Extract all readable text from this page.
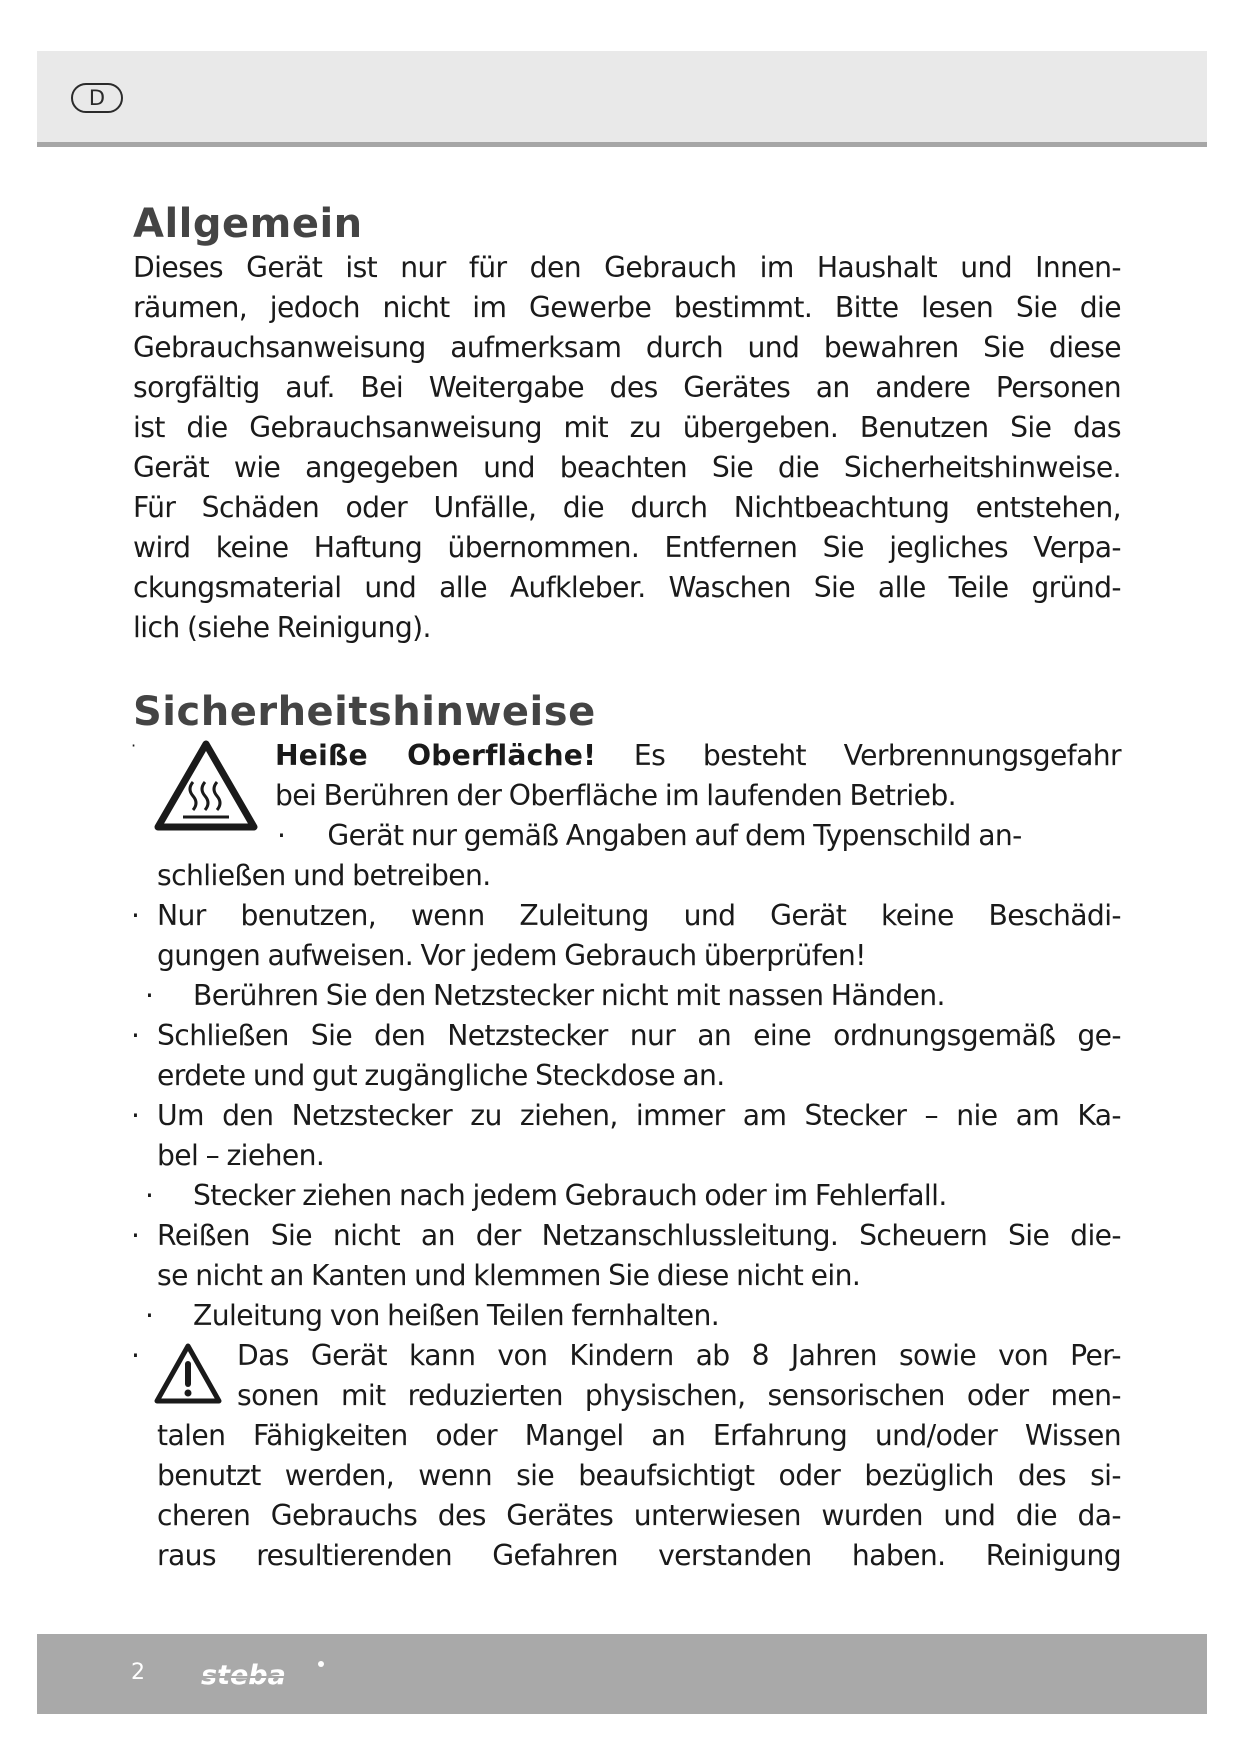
D
Allgemein
Dieses Gerät ist nur für den Gebrauch im Haushalt und Innen-
räumen, jedoch nicht im Gewerbe bestimmt. Bitte lesen Sie die
Gebrauchsanweisung aufmerksam durch und bewahren Sie diese
sorgfältig auf. Bei Weitergabe des Gerätes an andere Personen
ist die Gebrauchsanweisung mit zu übergeben. Benutzen Sie das
Gerät wie angegeben und beachten Sie die Sicherheitshinweise.
Für Schäden oder Unfälle, die durch Nichtbeachtung entstehen,
wird keine Haftung übernommen. Entfernen Sie jegliches Verpa-
ckungsmaterial und alle Aufkleber. Waschen Sie alle Teile gründ-
lich (siehe Reinigung).
Sicherheitshinweise
·	Heiße Oberfläche! Es besteht Verbrennungsgefahr
bei Berühren der Oberfläche im laufenden Betrieb.
· Gerät nur gemäß Angaben auf dem Typenschild an-
schließen und betreiben.
· Nur benutzen, wenn Zuleitung und Gerät keine Beschädi-
gungen aufweisen. Vor jedem Gebrauch überprüfen!
·	Berühren Sie den Netzstecker nicht mit nassen Händen.
· Schließen Sie den Netzstecker nur an eine ordnungsgemäß ge-
erdete und gut zugängliche Steckdose an.
· Um den Netzstecker zu ziehen, immer am Stecker – nie am Ka-
bel – ziehen.
·	Stecker ziehen nach jedem Gebrauch oder im Fehlerfall.
· Reißen Sie nicht an der Netzanschlussleitung. Scheuern Sie die-
se nicht an Kanten und klemmen Sie diese nicht ein.
·	Zuleitung von heißen Teilen fernhalten.
·	Das Gerät kann von Kindern ab 8 Jahren sowie von Per-
sonen mit reduzierten physischen, sensorischen oder men-
talen Fähigkeiten oder Mangel an Erfahrung und/oder Wissen
benutzt werden, wenn sie beaufsichtigt oder bezüglich des si-
cheren Gebrauchs des Gerätes unterwiesen wurden und die da-
raus resultierenden Gefahren verstanden haben. Reinigung
2 steba
